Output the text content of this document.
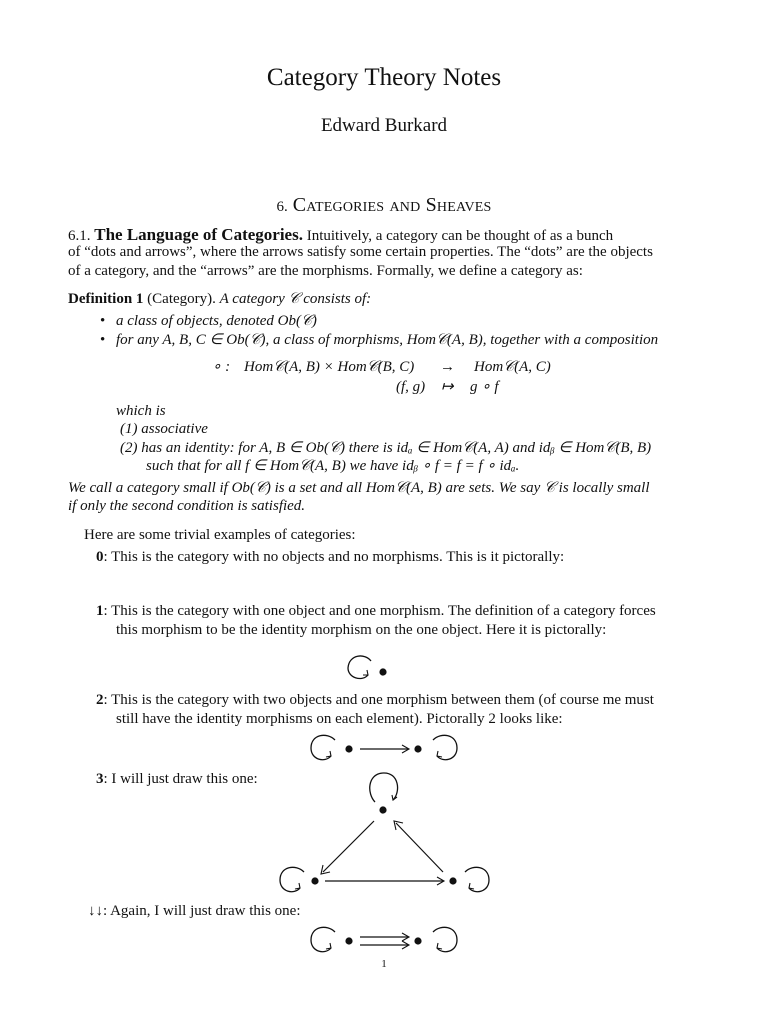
Category Theory Notes
Edward Burkard
6. Categories and Sheaves
6.1. The Language of Categories. Intuitively, a category can be thought of as a bunch
of “dots and arrows”, where the arrows satisfy some certain properties. The “dots” are the objects
of a category, and the “arrows” are the morphisms. Formally, we define a category as:
Definition 1 (Category). A category 𝒞 consists of:
• a class of objects, denoted Ob(𝒞)
• for any A, B, C ∈ Ob(𝒞), a class of morphisms, Hom𝒞(A, B), together with a composition
∘ : Hom𝒞(A, B) × Hom𝒞(B, C) → Hom𝒞(A, C)
(f, g) ↦ g ∘ f
which is
(1) associative
(2) has an identity: for A, B ∈ Ob(𝒞) there is idₐ ∈ Hom𝒞(A, A) and idᵦ ∈ Hom𝒞(B, B)
such that for all f ∈ Hom𝒞(A, B) we have idᵦ ∘ f = f = f ∘ idₐ.
We call a category small if Ob(𝒞) is a set and all Hom𝒞(A, B) are sets. We say 𝒞 is locally small
if only the second condition is satisfied.
Here are some trivial examples of categories:
0: This is the category with no objects and no morphisms. This is it pictorally:
1: This is the category with one object and one morphism. The definition of a category forces
this morphism to be the identity morphism on the one object. Here it is pictorally:
2: This is the category with two objects and one morphism between them (of course me must
still have the identity morphisms on each element). Pictorally 2 looks like:
3: I will just draw this one:
↓↓: Again, I will just draw this one:
1
